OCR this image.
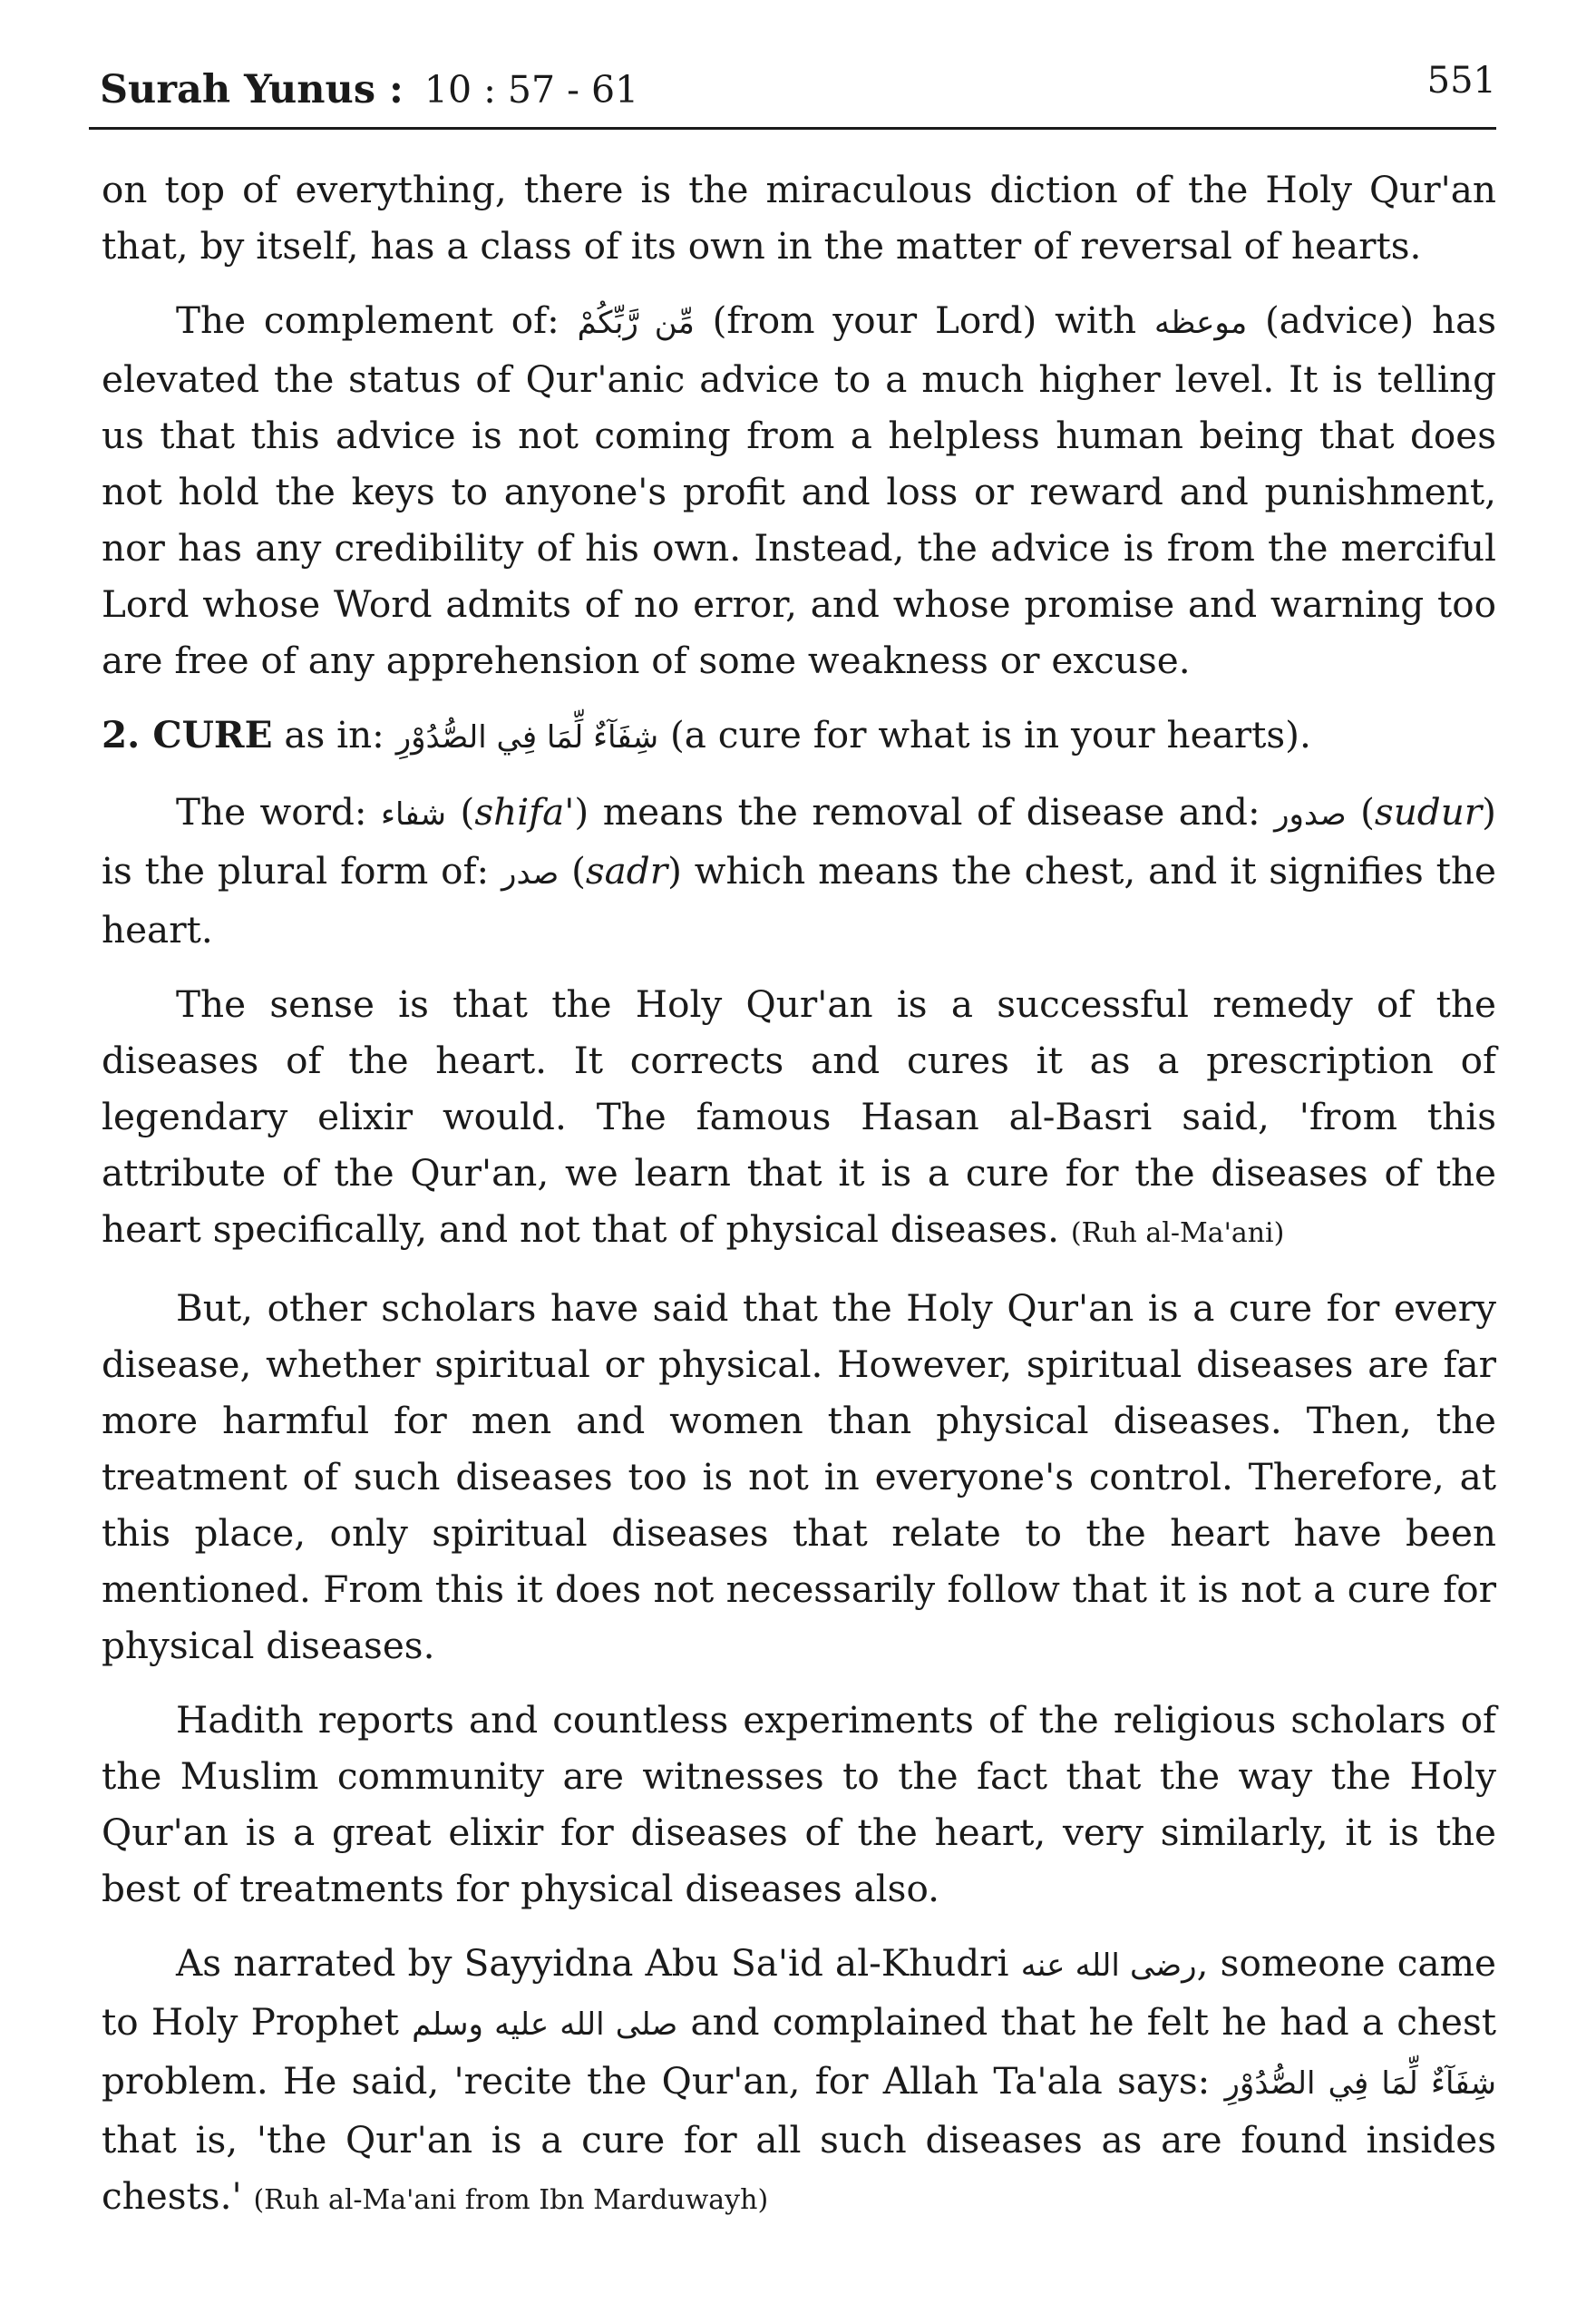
Surah Yunus : 10 : 57 - 61	551

on top of everything, there is the miraculous diction of the Holy Qur'an that, by itself, has a class of its own in the matter of reversal of hearts.

The complement of: مِّن رَّبِّكُمْ (from your Lord) with موعظه (advice) has elevated the status of Qur'anic advice to a much higher level. It is telling us that this advice is not coming from a helpless human being that does not hold the keys to anyone's profit and loss or reward and punishment, nor has any credibility of his own. Instead, the advice is from the merciful Lord whose Word admits of no error, and whose promise and warning too are free of any apprehension of some weakness or excuse.

2. CURE as in: شِفَآءٌ لِّمَا فِي الصُّدُوْرِ (a cure for what is in your hearts).

The word: شفاء (shifa') means the removal of disease and: صدور (sudur) is the plural form of: صدر (sadr) which means the chest, and it signifies the heart.

The sense is that the Holy Qur'an is a successful remedy of the diseases of the heart. It corrects and cures it as a prescription of legendary elixir would. The famous Hasan al-Basri said, 'from this attribute of the Qur'an, we learn that it is a cure for the diseases of the heart specifically, and not that of physical diseases. (Ruh al-Ma'ani)

But, other scholars have said that the Holy Qur'an is a cure for every disease, whether spiritual or physical. However, spiritual diseases are far more harmful for men and women than physical diseases. Then, the treatment of such diseases too is not in everyone's control. Therefore, at this place, only spiritual diseases that relate to the heart have been mentioned. From this it does not necessarily follow that it is not a cure for physical diseases.

Hadith reports and countless experiments of the religious scholars of the Muslim community are witnesses to the fact that the way the Holy Qur'an is a great elixir for diseases of the heart, very similarly, it is the best of treatments for physical diseases also.

As narrated by Sayyidna Abu Sa'id al-Khudri رضى الله عنه, someone came to Holy Prophet صلى الله عليه وسلم and complained that he felt he had a chest problem. He said, 'recite the Qur'an, for Allah Ta'ala says: شِفَآءٌ لِّمَا فِي الصُّدُوْرِ that is, 'the Qur'an is a cure for all such diseases as are found insides chests.' (Ruh al-Ma'ani from Ibn Marduwayh)
